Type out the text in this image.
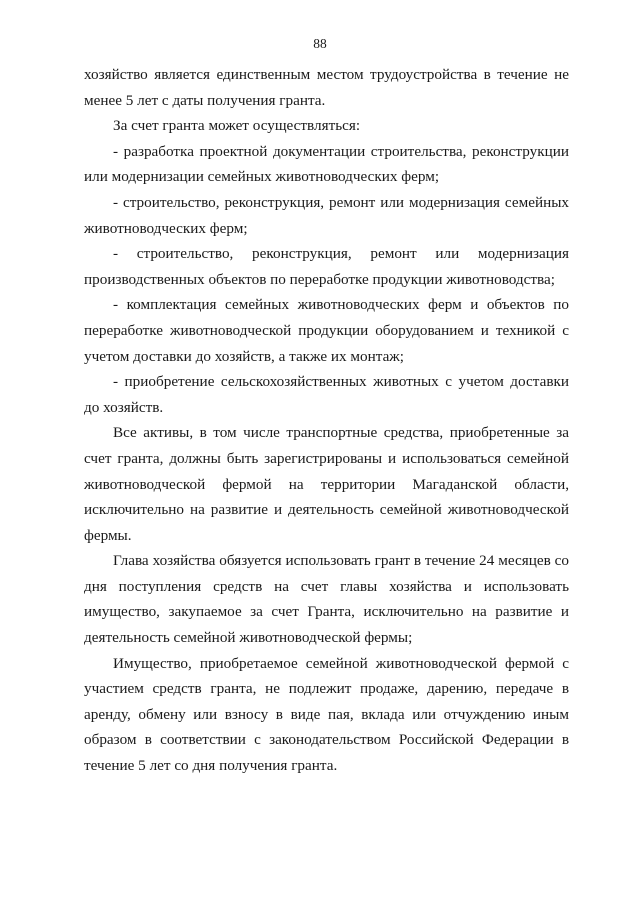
88

хозяйство является единственным местом трудоустройства в течение не менее 5 лет с даты получения гранта.

За счет гранта может осуществляться:

- разработка проектной документации строительства, реконструкции или модернизации семейных животноводческих ферм;

- строительство, реконструкция, ремонт или модернизация семейных животноводческих ферм;

- строительство, реконструкция, ремонт или модернизация производственных объектов по переработке продукции животноводства;

- комплектация семейных животноводческих ферм и объектов по переработке животноводческой продукции оборудованием и техникой с учетом доставки до хозяйств, а также их монтаж;

- приобретение сельскохозяйственных животных с учетом доставки до хозяйств.

Все активы, в том числе транспортные средства, приобретенные за счет гранта, должны быть зарегистрированы и использоваться семейной животноводческой фермой на территории Магаданской области, исключительно на развитие и деятельность семейной животноводческой фермы.

Глава хозяйства обязуется использовать грант в течение 24 месяцев со дня поступления средств на счет главы хозяйства и использовать имущество, закупаемое за счет Гранта, исключительно на развитие и деятельность семейной животноводческой фермы;

Имущество, приобретаемое семейной животноводческой фермой с участием средств гранта, не подлежит продаже, дарению, передаче в аренду, обмену или взносу в виде пая, вклада или отчуждению иным образом в соответствии с законодательством Российской Федерации в течение 5 лет со дня получения гранта.
